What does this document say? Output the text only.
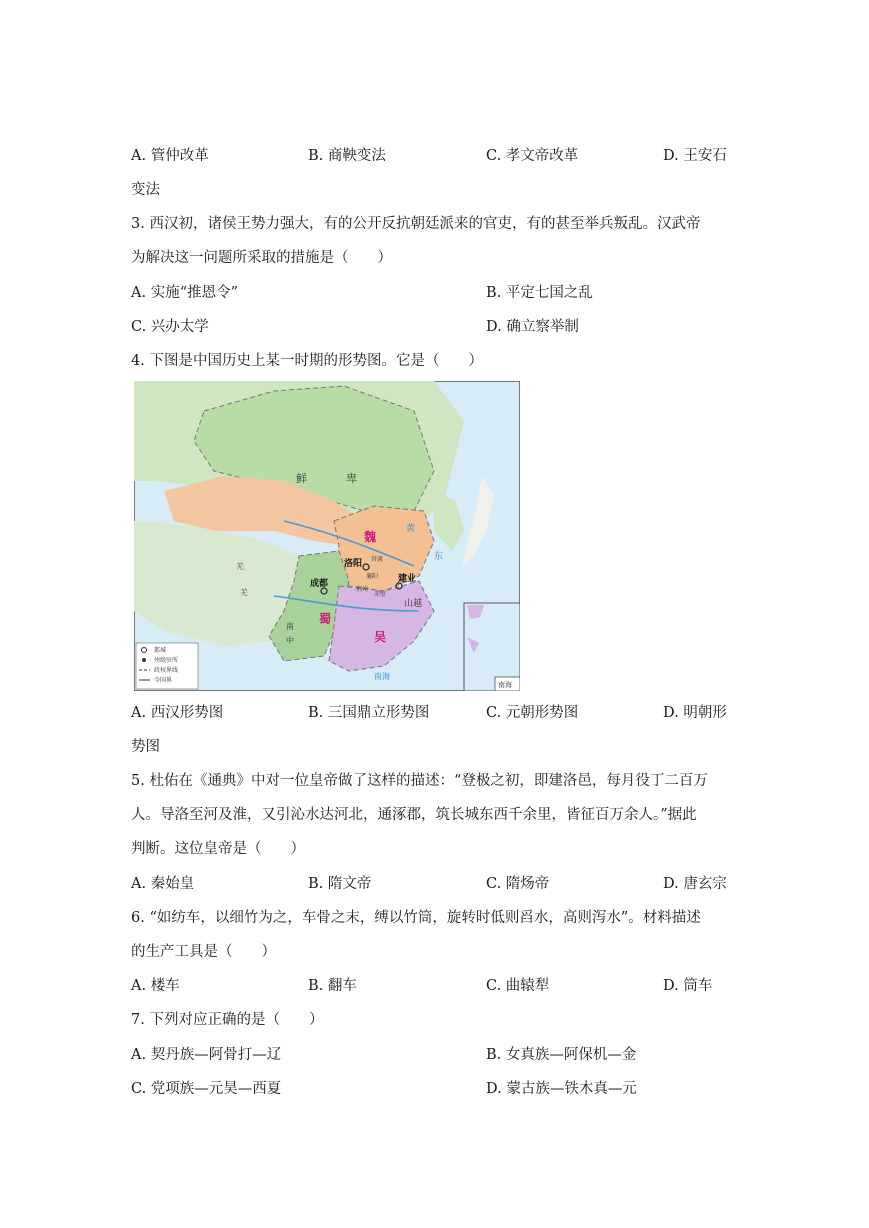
A. 管仲改革	B. 商鞅变法	C. 孝文帝改革	D. 王安石
变法
3. 西汉初，诸侯王势力强大，有的公开反抗朝廷派来的官吏，有的甚至举兵叛乱。汉武帝
为解决这一问题所采取的措施是（　　）
A. 实施“推恩令”	B. 平定七国之乱
C. 兴办太学	D. 确立察举制
4. 下图是中国历史上某一时期的形势图。它是（　　）
鲜	卑
魏
蜀
吴
洛阳
成都	建业
官渡
襄阳
赤壁
荆州
山越
南
中
羌
羌
东
黄
南海
南海
都城
州级驻所
政权界线
今国界
A. 西汉形势图	B. 三国鼎立形势图	C. 元朝形势图	D. 明朝形
势图
5. 杜佑在《通典》中对一位皇帝做了这样的描述：“登极之初，即建洛邑，每月役丁二百万
人。导洛至河及淮，又引沁水达河北，通涿郡，筑长城东西千余里，皆征百万余人。”据此
判断。这位皇帝是（　　）
A. 秦始皇	B. 隋文帝	C. 隋炀帝	D. 唐玄宗
6. “如纺车，以细竹为之，车骨之末，缚以竹筒，旋转时低则舀水，高则泻水”。材料描述
的生产工具是（　　）
A. 楼车	B. 翻车	C. 曲辕犁	D. 筒车
7. 下列对应正确的是（　　）
A. 契丹族—阿骨打—辽	B. 女真族—阿保机—金
C. 党项族—元昊—西夏	D. 蒙古族—铁木真—元
